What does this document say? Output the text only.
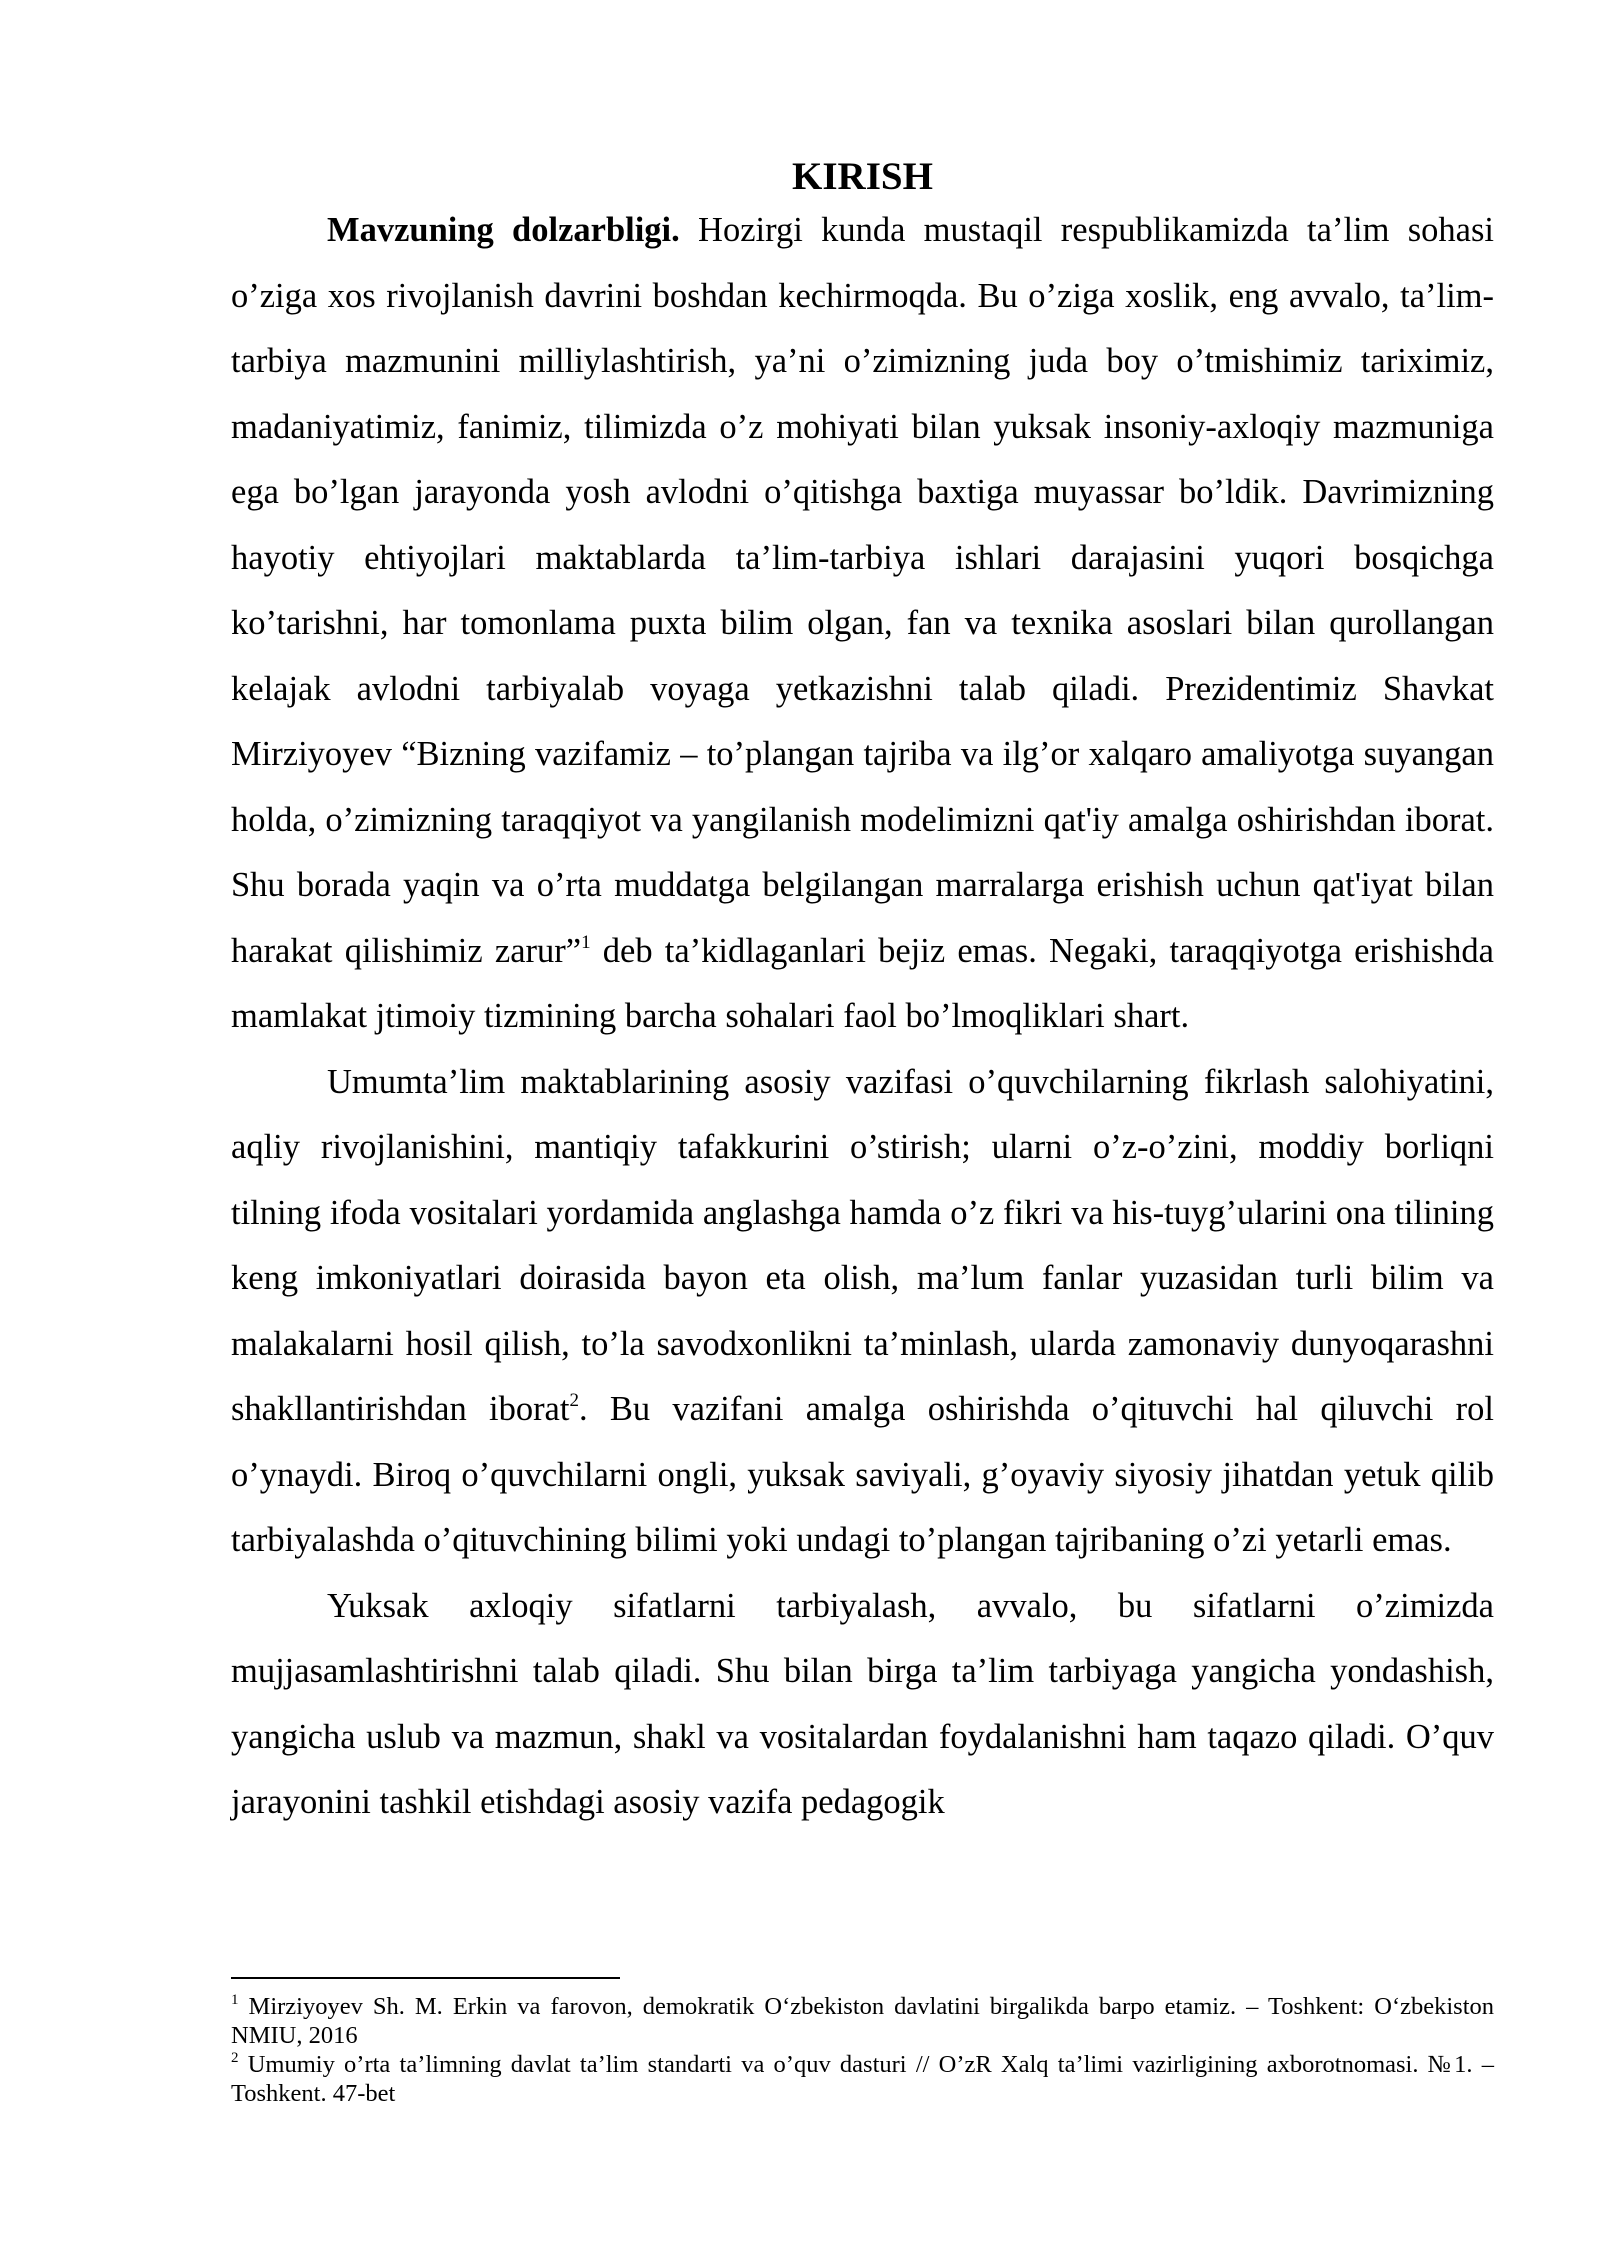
KIRISH

Mavzuning dolzarbligi. Hozirgi kunda mustaqil respublikamizda ta’lim sohasi o’ziga xos rivojlanish davrini boshdan kechirmoqda. Bu o’ziga xoslik, eng avvalo, ta’lim-tarbiya mazmunini milliylashtirish, ya’ni o’zimizning juda boy o’tmishimiz tariximiz, madaniyatimiz, fanimiz, tilimizda o’z mohiyati bilan yuksak insoniy-axloqiy mazmuniga ega bo’lgan jarayonda yosh avlodni o’qitishga baxtiga muyassar bo’ldik. Davrimizning hayotiy ehtiyojlari maktablarda ta’lim-tarbiya ishlari darajasini yuqori bosqichga ko’tarishni, har tomonlama puxta bilim olgan, fan va texnika asoslari bilan qurollangan kelajak avlodni tarbiyalab voyaga yetkazishni talab qiladi. Prezidentimiz Shavkat Mirziyoyev “Bizning vazifamiz – to’plangan tajriba va ilg’or xalqaro amaliyotga suyangan holda, o’zimizning taraqqiyot va yangilanish modelimizni qat'iy amalga oshirishdan iborat. Shu borada yaqin va o’rta muddatga belgilangan marralarga erishish uchun qat'iyat bilan harakat qilishimiz zarur”$^1$ deb ta’kidlaganlari bejiz emas. Negaki, taraqqiyotga erishishda mamlakat jtimoiy tizmining barcha sohalari faol bo’lmoqliklari shart.

Umumta’lim maktablarining asosiy vazifasi o’quvchilarning fikrlash salohiyatini, aqliy rivojlanishini, mantiqiy tafakkurini o’stirish; ularni o’z-o’zini, moddiy borliqni tilning ifoda vositalari yordamida anglashga hamda o’z fikri va his-tuyg’ularini ona tilining keng imkoniyatlari doirasida bayon eta olish, ma’lum fanlar yuzasidan turli bilim va malakalarni hosil qilish, to’la savodxonlikni ta’minlash, ularda zamonaviy dunyoqarashni shakllantirishdan iborat$^2$. Bu vazifani amalga oshirishda o’qituvchi hal qiluvchi rol o’ynaydi. Biroq o’quvchilarni ongli, yuksak saviyali, g’oyaviy siyosiy jihatdan yetuk qilib tarbiyalashda o’qituvchining bilimi yoki undagi to’plangan tajribaning o’zi yetarli emas.

Yuksak axloqiy sifatlarni tarbiyalash, avvalo, bu sifatlarni o’zimizda mujjasamlashtirishni talab qiladi. Shu bilan birga ta’lim tarbiyaga yangicha yondashish, yangicha uslub va mazmun, shakl va vositalardan foydalanishni ham taqazo qiladi. O’quv jarayonini tashkil etishdagi asosiy vazifa pedagogik

$^1$ Mirziyoyev Sh. M. Erkin va farovon, demokratik O‘zbekiston davlatini birgalikda barpo etamiz. – Toshkent: O‘zbekiston NMIU, 2016

$^2$ Umumiy o’rta ta’limning davlat ta’lim standarti va o’quv dasturi // O’zR Xalq ta’limi vazirligining axborotnomasi. №1. – Toshkent. 47-bet
